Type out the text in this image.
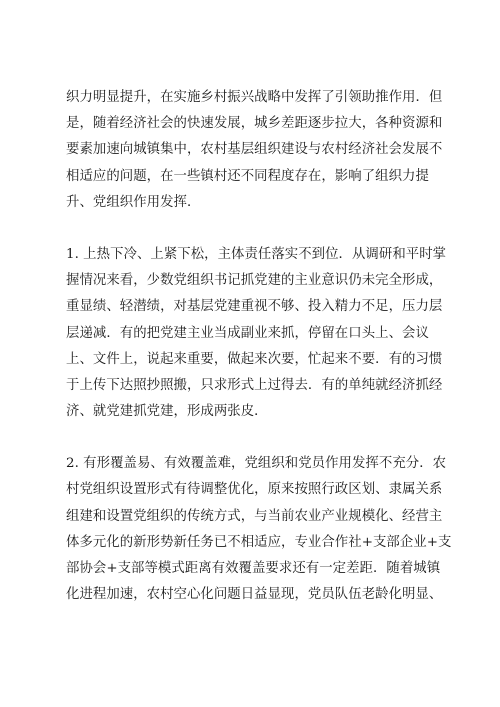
织力明显提升，在实施乡村振兴战略中发挥了引领助推作用．但
是，随着经济社会的快速发展，城乡差距逐步拉大，各种资源和
要素加速向城镇集中，农村基层组织建设与农村经济社会发展不
相适应的问题，在一些镇村还不同程度存在，影响了组织力提
升、党组织作用发挥．
1. 上热下冷、上紧下松，主体责任落实不到位．从调研和平时掌
握情况来看，少数党组织书记抓党建的主业意识仍未完全形成，
重显绩、轻潜绩，对基层党建重视不够、投入精力不足，压力层
层递减．有的把党建主业当成副业来抓，停留在口头上、会议
上、文件上，说起来重要，做起来次要，忙起来不要．有的习惯
于上传下达照抄照搬，只求形式上过得去．有的单纯就经济抓经
济、就党建抓党建，形成两张皮．
2. 有形覆盖易、有效覆盖难，党组织和党员作用发挥不充分．农
村党组织设置形式有待调整优化，原来按照行政区划、隶属关系
组建和设置党组织的传统方式，与当前农业产业规模化、经营主
体多元化的新形势新任务已不相适应，专业合作社+支部企业+支
部协会+支部等模式距离有效覆盖要求还有一定差距．随着城镇
化进程加速，农村空心化问题日益显现，党员队伍老龄化明显、
